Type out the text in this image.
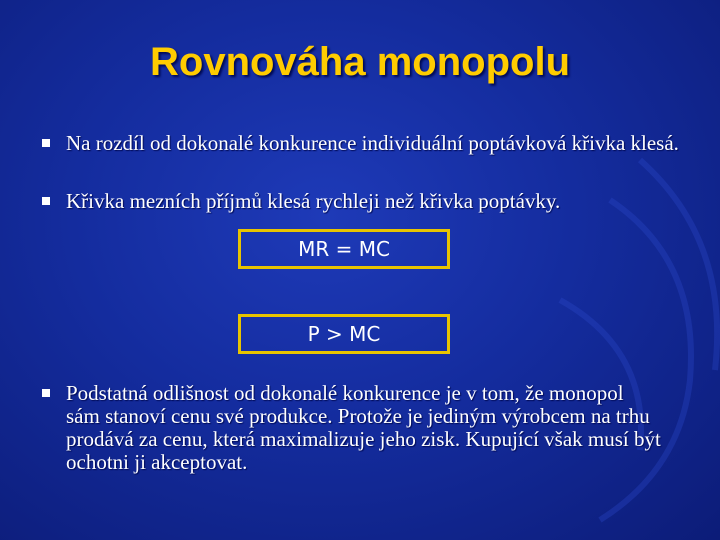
Rovnováha monopolu
Na rozdíl od dokonalé konkurence individuální poptávková křivka klesá.
Křivka mezních příjmů klesá rychleji než křivka poptávky.
MR = MC
P > MC
Podstatná odlišnost od dokonalé konkurence je v tom, že monopol sám stanoví cenu své produkce. Protože je jediným výrobcem na trhu prodává za cenu, která maximalizuje jeho zisk. Kupující však musí být ochotni ji akceptovat.
